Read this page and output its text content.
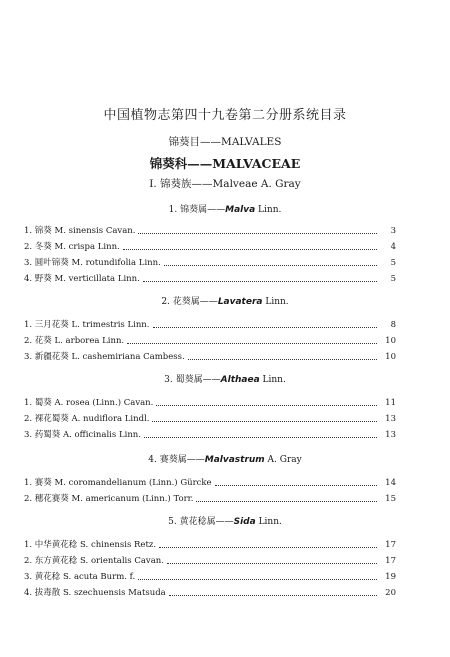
中国植物志第四十九卷第二分册系统目录
锦葵目——MALVALES
锦葵科——MALVACEAE
I. 锦葵族——Malveae A. Gray
1. 锦葵属——Malva Linn.
1. 锦葵 M. sinensis Cavan.	3
2. 冬葵 M. crispa Linn.	4
3. 圆叶锦葵 M. rotundifolia Linn.	5
4. 野葵 M. verticillata Linn.	5
2. 花葵属——Lavatera Linn.
1. 三月花葵 L. trimestris Linn.	8
2. 花葵 L. arborea Linn.	10
3. 新疆花葵 L. cashemiriana Cambess.	10
3. 蜀葵属——Althaea Linn.
1. 蜀葵 A. rosea (Linn.) Cavan.	11
2. 裸花蜀葵 A. nudiflora Lindl.	13
3. 药蜀葵 A. officinalis Linn.	13
4. 赛葵属——Malvastrum A. Gray
1. 赛葵 M. coromandelianum (Linn.) Gürcke	14
2. 穗花赛葵 M. americanum (Linn.) Torr.	15
5. 黄花稔属——Sida Linn.
1. 中华黄花稔 S. chinensis Retz.	17
2. 东方黄花稔 S. orientalis Cavan.	17
3. 黄花稔 S. acuta Burm. f.	19
4. 拔毒散 S. szechuensis Matsuda	20
